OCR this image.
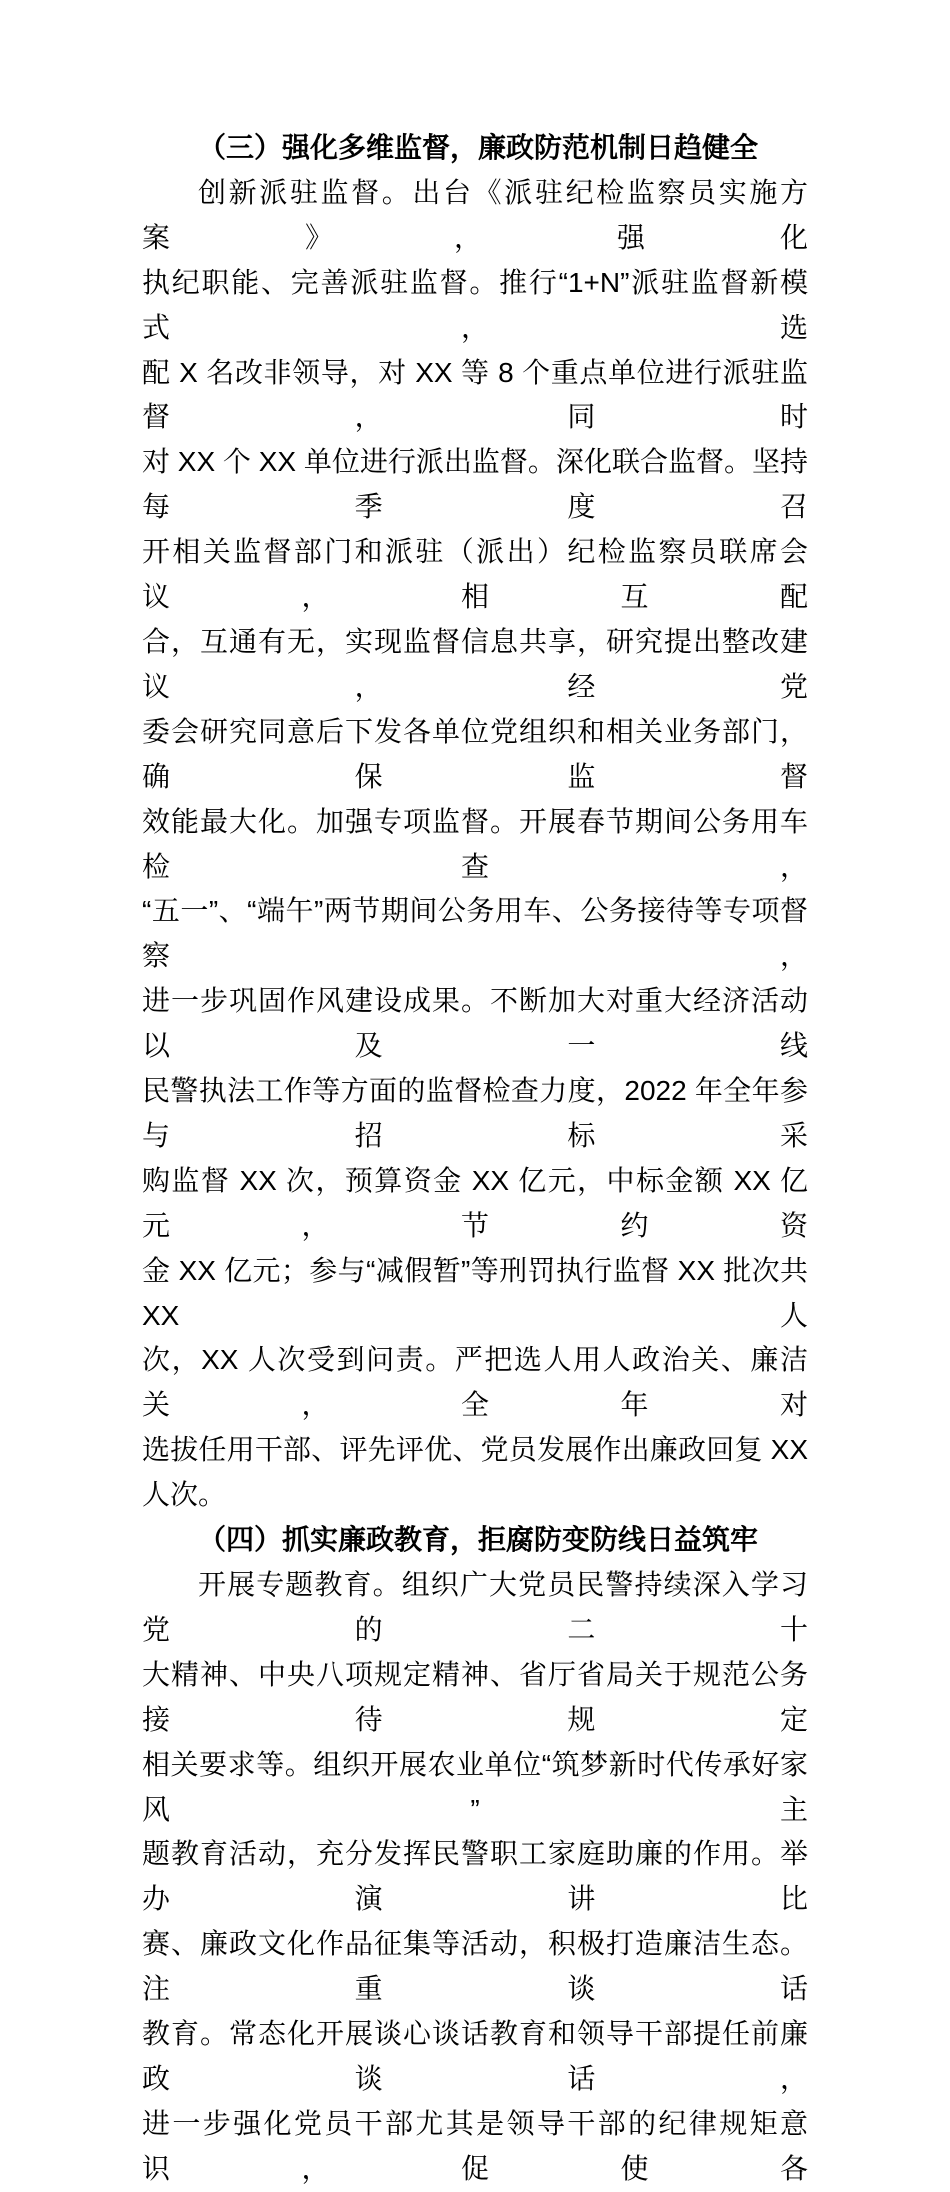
（三）强化多维监督，廉政防范机制日趋健全
创新派驻监督。出台《派驻纪检监察员实施方案》，强化
执纪职能、完善派驻监督。推行“1+N”派驻监督新模式，选
配 X 名改非领导，对 XX 等 8 个重点单位进行派驻监督，同时
对 XX 个 XX 单位进行派出监督。深化联合监督。坚持每季度召
开相关监督部门和派驻（派出）纪检监察员联席会议，相互配
合，互通有无，实现监督信息共享，研究提出整改建议，经党
委会研究同意后下发各单位党组织和相关业务部门，确保监督
效能最大化。加强专项监督。开展春节期间公务用车检查，
“五一”、“端午”两节期间公务用车、公务接待等专项督察，
进一步巩固作风建设成果。不断加大对重大经济活动以及一线
民警执法工作等方面的监督检查力度，2022 年全年参与招标采
购监督 XX 次，预算资金 XX 亿元，中标金额 XX 亿元，节约资
金 XX 亿元；参与“减假暂”等刑罚执行监督 XX 批次共 XX 人
次，XX 人次受到问责。严把选人用人政治关、廉洁关，全年对
选拔任用干部、评先评优、党员发展作出廉政回复 XX 人次。
（四）抓实廉政教育，拒腐防变防线日益筑牢
开展专题教育。组织广大党员民警持续深入学习党的二十
大精神、中央八项规定精神、省厅省局关于规范公务接待规定
相关要求等。组织开展农业单位“筑梦新时代传承好家风”主
题教育活动，充分发挥民警职工家庭助廉的作用。举办演讲比
赛、廉政文化作品征集等活动，积极打造廉洁生态。注重谈话
教育。常态化开展谈心谈话教育和领导干部提任前廉政谈话，
进一步强化党员干部尤其是领导干部的纪律规矩意识，促使各
